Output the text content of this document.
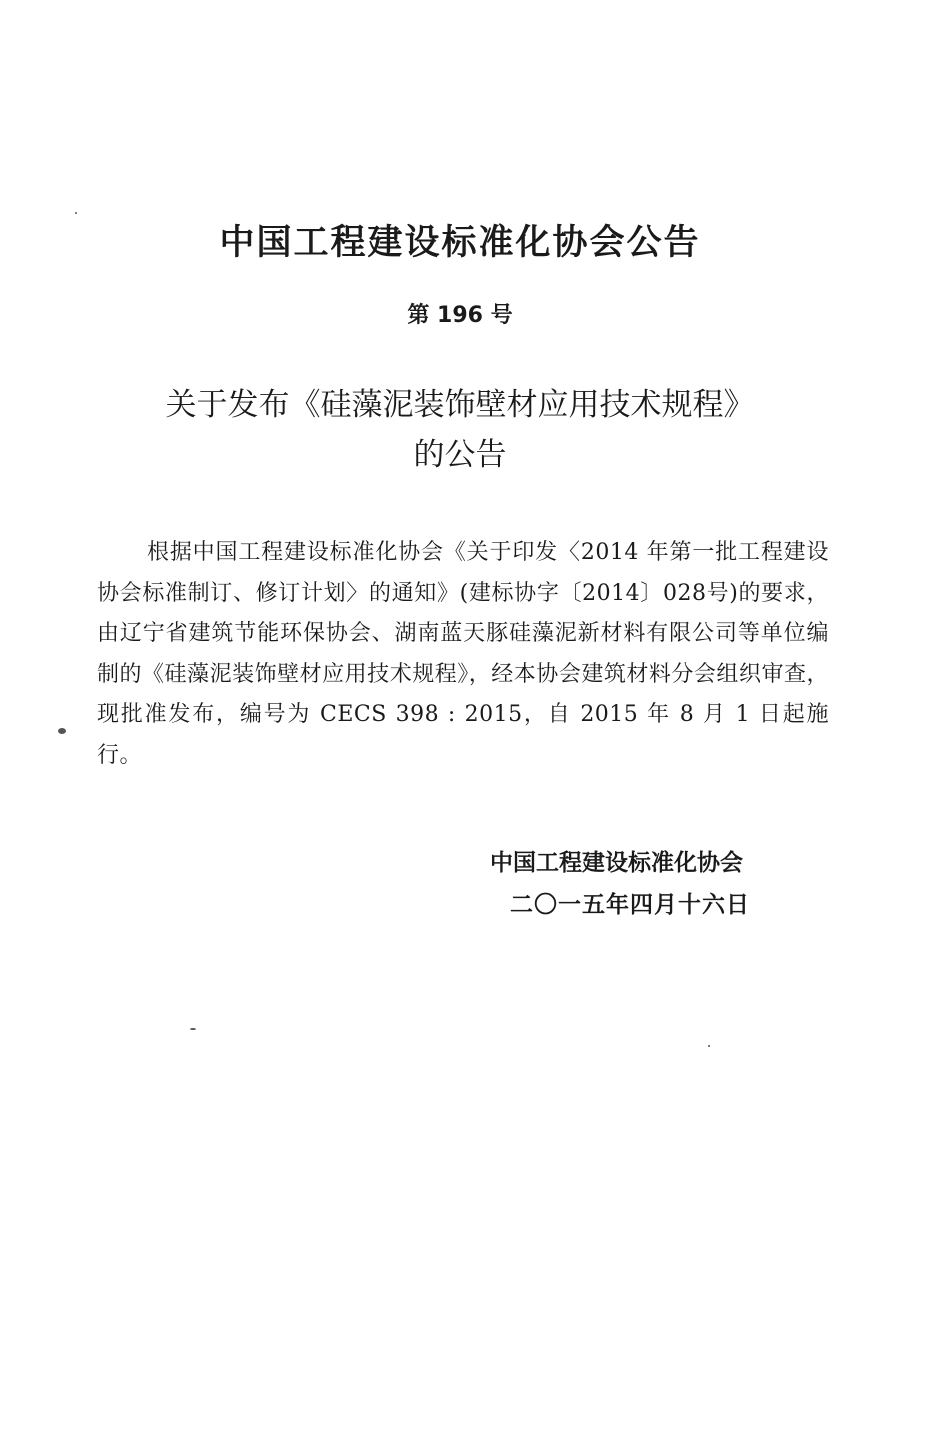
中国工程建设标准化协会公告
第 196 号
关于发布《硅藻泥装饰壁材应用技术规程》
的公告

根据中国工程建设标准化协会《关于印发〈2014 年第一批工程建设协会标准制订、修订计划〉的通知》(建标协字〔2014〕028号)的要求，由辽宁省建筑节能环保协会、湖南蓝天豚硅藻泥新材料有限公司等单位编制的《硅藻泥装饰壁材应用技术规程》，经本协会建筑材料分会组织审查，现批准发布，编号为 CECS 398 : 2015，自 2015 年 8 月 1 日起施行。

中国工程建设标准化协会
二〇一五年四月十六日
